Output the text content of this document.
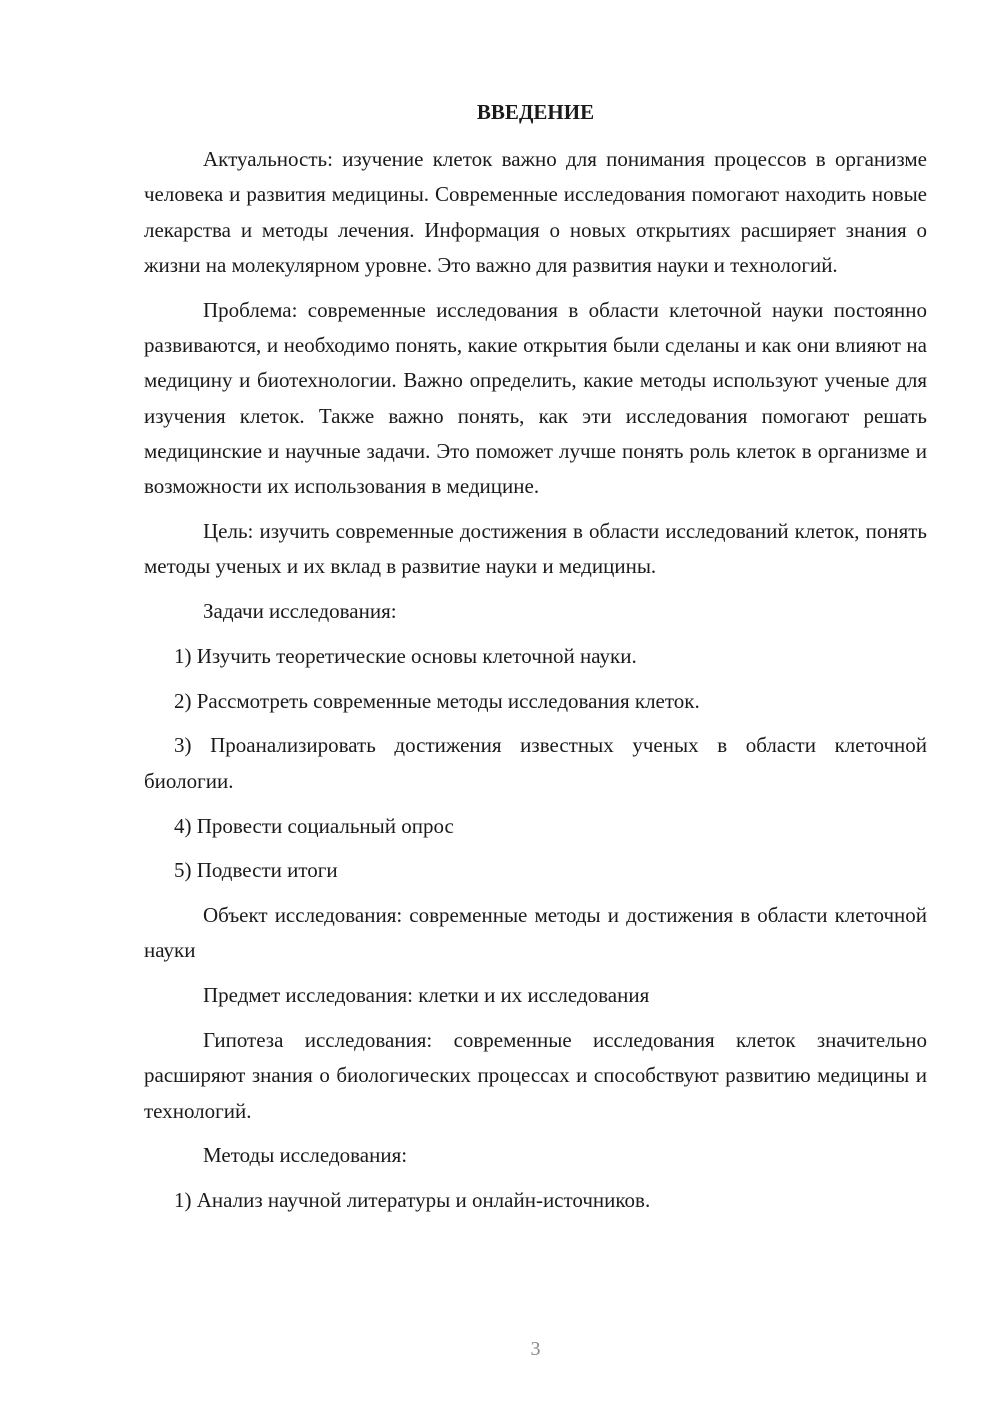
ВВЕДЕНИЕ

Актуальность: изучение клеток важно для понимания процессов в организме человека и развития медицины. Современные исследования помогают находить новые лекарства и методы лечения. Информация о новых открытиях расширяет знания о жизни на молекулярном уровне. Это важно для развития науки и технологий.

Проблема: современные исследования в области клеточной науки постоянно развиваются, и необходимо понять, какие открытия были сделаны и как они влияют на медицину и биотехнологии. Важно определить, какие методы используют ученые для изучения клеток. Также важно понять, как эти исследования помогают решать медицинские и научные задачи. Это поможет лучше понять роль клеток в организме и возможности их использования в медицине.

Цель: изучить современные достижения в области исследований клеток, понять методы ученых и их вклад в развитие науки и медицины.

Задачи исследования:

1) Изучить теоретические основы клеточной науки.

2) Рассмотреть современные методы исследования клеток.

3) Проанализировать достижения известных ученых в области клеточной биологии.

4) Провести социальный опрос

5) Подвести итоги

Объект исследования: современные методы и достижения в области клеточной науки

Предмет исследования: клетки и их исследования

Гипотеза исследования: современные исследования клеток значительно расширяют знания о биологических процессах и способствуют развитию медицины и технологий.

Методы исследования:

1) Анализ научной литературы и онлайн-источников.

3
